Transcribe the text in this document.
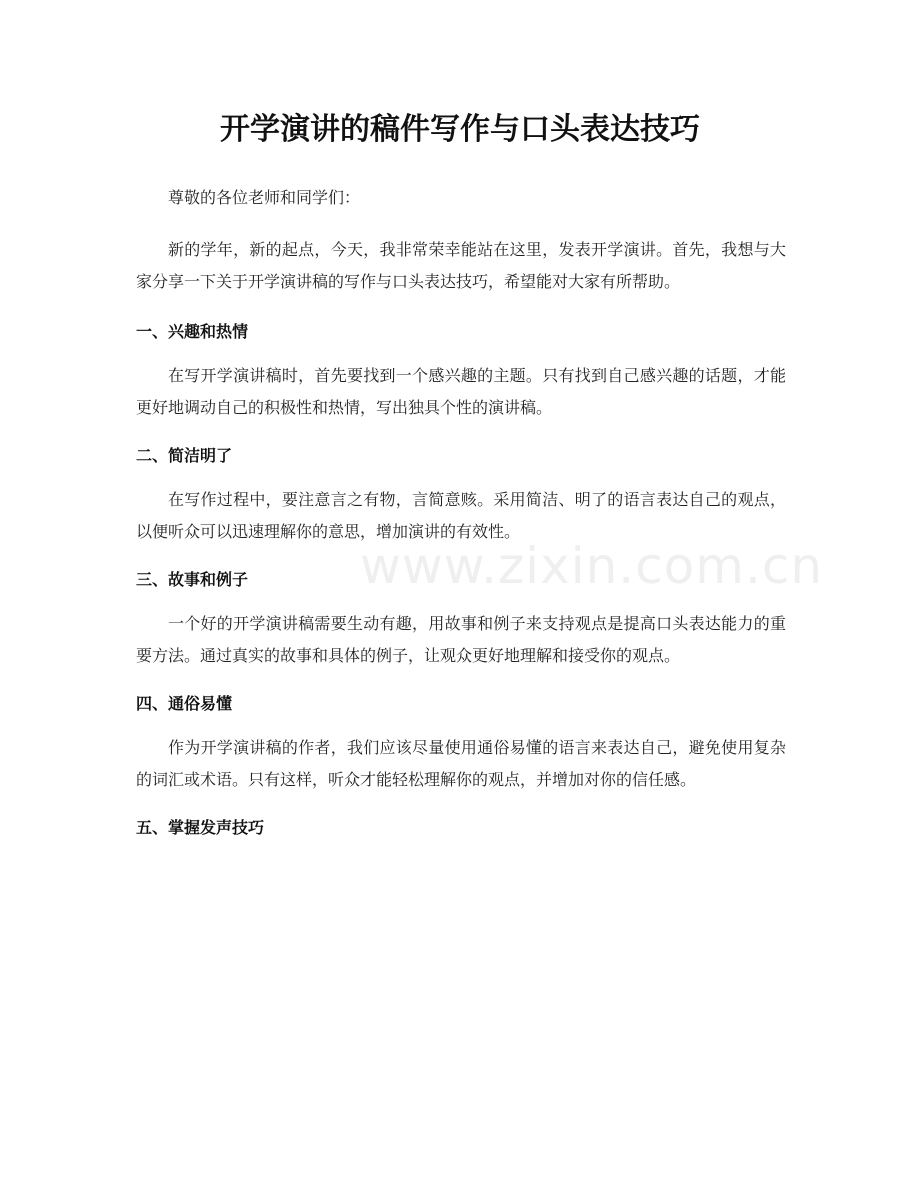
开学演讲的稿件写作与口头表达技巧

尊敬的各位老师和同学们：

新的学年，新的起点，今天，我非常荣幸能站在这里，发表开学演讲。首先，我想与大家分享一下关于开学演讲稿的写作与口头表达技巧，希望能对大家有所帮助。

一、兴趣和热情

在写开学演讲稿时，首先要找到一个感兴趣的主题。只有找到自己感兴趣的话题，才能更好地调动自己的积极性和热情，写出独具个性的演讲稿。

二、简洁明了

在写作过程中，要注意言之有物，言简意赅。采用简洁、明了的语言表达自己的观点，以便听众可以迅速理解你的意思，增加演讲的有效性。

三、故事和例子

一个好的开学演讲稿需要生动有趣，用故事和例子来支持观点是提高口头表达能力的重要方法。通过真实的故事和具体的例子，让观众更好地理解和接受你的观点。

四、通俗易懂

作为开学演讲稿的作者，我们应该尽量使用通俗易懂的语言来表达自己，避免使用复杂的词汇或术语。只有这样，听众才能轻松理解你的观点，并增加对你的信任感。

五、掌握发声技巧

www.zixin.com.cn
